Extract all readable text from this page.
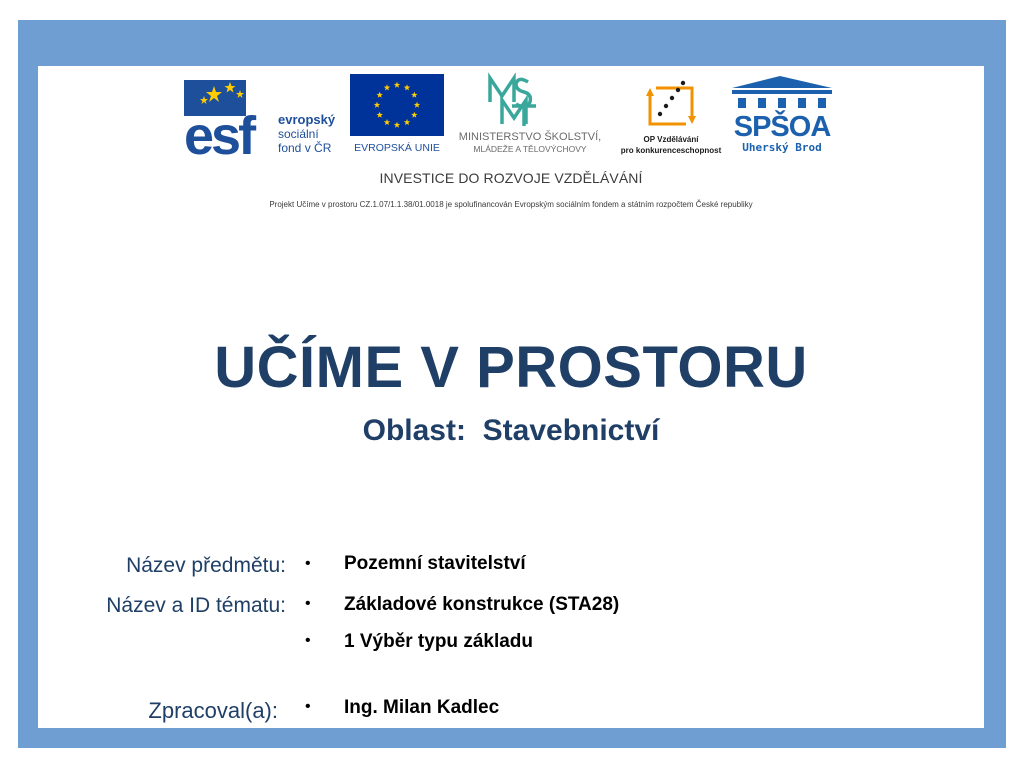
esf	evropský
sociální
fond v ČR EVROPSKÁ UNIE
MINISTERSTVO ŠKOLSTVÍ,
MLÁDEŽE A TĚLOVÝCHOVY
OP Vzdělávání
pro konkurenceschopnost
SPŠOA
Uherský Brod
INVESTICE DO ROZVOJE VZDĚLÁVÁNÍ
Projekt Učíme v prostoru CZ.1.07/1.1.38/01.0018 je spolufinancován Evropským sociálním fondem a státním rozpočtem České republiky
UČÍME V PROSTORU
Oblast:  Stavebnictví
Název předmětu: • Pozemní stavitelství
Název a ID tématu: • Základové konstrukce (STA28)
• 1 Výběr typu základu
Zpracoval(a): • Ing. Milan Kadlec
